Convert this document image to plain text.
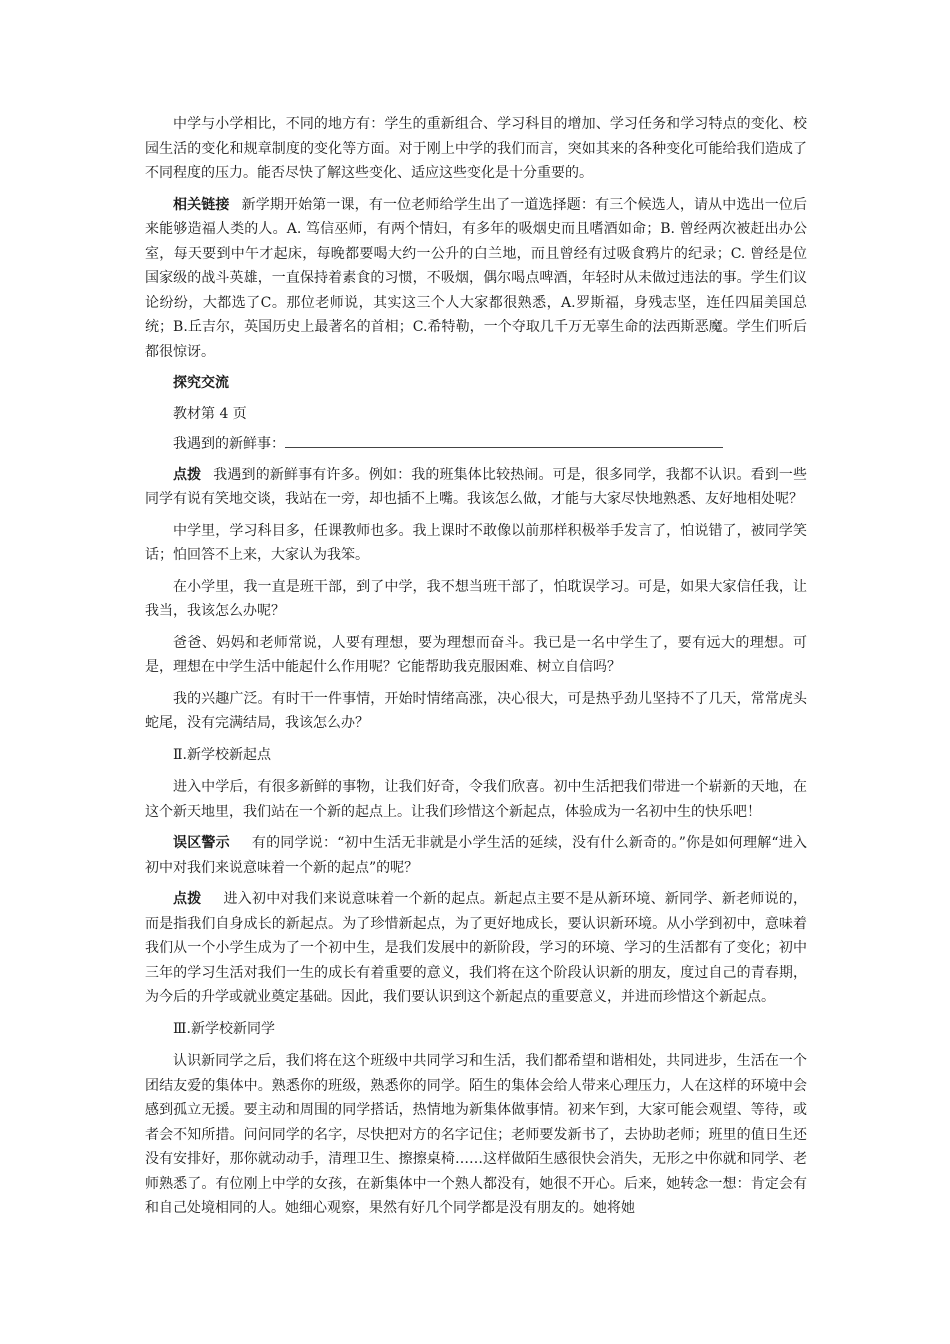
中学与小学相比，不同的地方有：学生的重新组合、学习科目的增加、学习任务和学习特点的变化、校园生活的变化和规章制度的变化等方面。对于刚上中学的我们而言，突如其来的各种变化可能给我们造成了不同程度的压力。能否尽快了解这些变化、适应这些变化是十分重要的。

相关链接 新学期开始第一课，有一位老师给学生出了一道选择题：有三个候选人，请从中选出一位后来能够造福人类的人。A. 笃信巫师，有两个情妇，有多年的吸烟史而且嗜酒如命；B. 曾经两次被赶出办公室，每天要到中午才起床，每晚都要喝大约一公升的白兰地，而且曾经有过吸食鸦片的纪录；C. 曾经是位国家级的战斗英雄，一直保持着素食的习惯，不吸烟，偶尔喝点啤酒，年轻时从未做过违法的事。学生们议论纷纷，大都选了C。那位老师说，其实这三个人大家都很熟悉，A.罗斯福，身残志坚，连任四届美国总统；B.丘吉尔，英国历史上最著名的首相；C.希特勒，一个夺取几千万无辜生命的法西斯恶魔。学生们听后都很惊讶。

探究交流

教材第 4 页

我遇到的新鲜事：

点拨 我遇到的新鲜事有许多。例如：我的班集体比较热闹。可是，很多同学，我都不认识。看到一些同学有说有笑地交谈，我站在一旁，却也插不上嘴。我该怎么做，才能与大家尽快地熟悉、友好地相处呢？

中学里，学习科目多，任课教师也多。我上课时不敢像以前那样积极举手发言了，怕说错了，被同学笑话；怕回答不上来，大家认为我笨。

在小学里，我一直是班干部，到了中学，我不想当班干部了，怕耽误学习。可是，如果大家信任我，让我当，我该怎么办呢？

爸爸、妈妈和老师常说，人要有理想，要为理想而奋斗。我已是一名中学生了，要有远大的理想。可是，理想在中学生活中能起什么作用呢？它能帮助我克服困难、树立自信吗？

我的兴趣广泛。有时干一件事情，开始时情绪高涨，决心很大，可是热乎劲儿坚持不了几天，常常虎头蛇尾，没有完满结局，我该怎么办？

Ⅱ.新学校新起点

进入中学后，有很多新鲜的事物，让我们好奇，令我们欣喜。初中生活把我们带进一个崭新的天地，在这个新天地里，我们站在一个新的起点上。让我们珍惜这个新起点，体验成为一名初中生的快乐吧！

误区警示 有的同学说：“初中生活无非就是小学生活的延续，没有什么新奇的。”你是如何理解“进入初中对我们来说意味着一个新的起点”的呢？

点拨 进入初中对我们来说意味着一个新的起点。新起点主要不是从新环境、新同学、新老师说的，而是指我们自身成长的新起点。为了珍惜新起点，为了更好地成长，要认识新环境。从小学到初中，意味着我们从一个小学生成为了一个初中生，是我们发展中的新阶段，学习的环境、学习的生活都有了变化；初中三年的学习生活对我们一生的成长有着重要的意义，我们将在这个阶段认识新的朋友，度过自己的青春期，为今后的升学或就业奠定基础。因此，我们要认识到这个新起点的重要意义，并进而珍惜这个新起点。

Ⅲ.新学校新同学

认识新同学之后，我们将在这个班级中共同学习和生活，我们都希望和谐相处，共同进步，生活在一个团结友爱的集体中。熟悉你的班级，熟悉你的同学。陌生的集体会给人带来心理压力，人在这样的环境中会感到孤立无援。要主动和周围的同学搭话，热情地为新集体做事情。初来乍到，大家可能会观望、等待，或者会不知所措。问问同学的名字，尽快把对方的名字记住；老师要发新书了，去协助老师；班里的值日生还没有安排好，那你就动动手，清理卫生、擦擦桌椅……这样做陌生感很快会消失，无形之中你就和同学、老师熟悉了。有位刚上中学的女孩，在新集体中一个熟人都没有，她很不开心。后来，她转念一想：肯定会有和自己处境相同的人。她细心观察，果然有好几个同学都是没有朋友的。她将她
